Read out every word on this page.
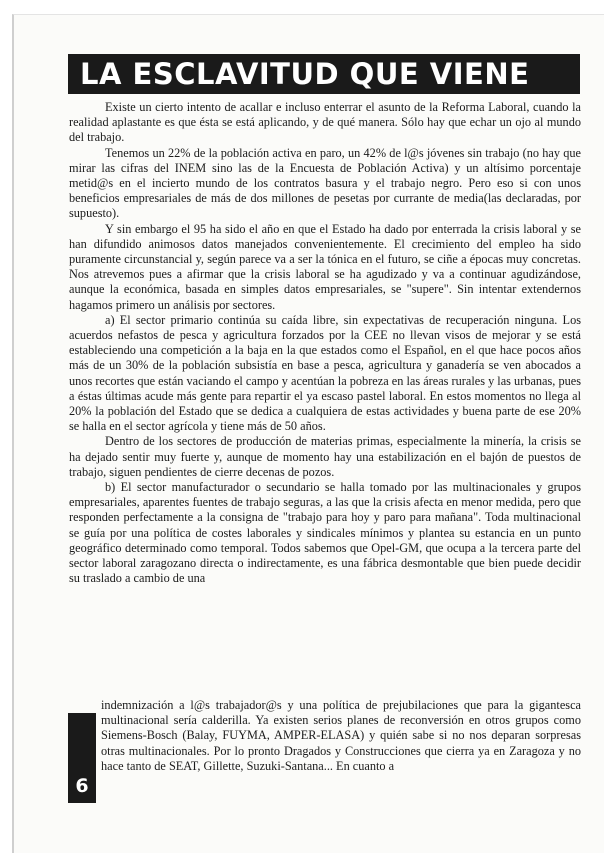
LA ESCLAVITUD QUE VIENE

Existe un cierto intento de acallar e incluso enterrar el asunto de la Reforma Laboral, cuando la realidad aplastante es que ésta se está aplicando, y de qué manera. Sólo hay que echar un ojo al mundo del trabajo.

Tenemos un 22% de la población activa en paro, un 42% de l@s jóvenes sin trabajo (no hay que mirar las cifras del INEM sino las de la Encuesta de Población Activa) y un altísimo porcentaje metid@s en el incierto mundo de los contratos basura y el trabajo negro. Pero eso si con unos beneficios empresariales de más de dos millones de pesetas por currante de media(las declaradas, por supuesto).

Y sin embargo el 95 ha sido el año en que el Estado ha dado por enterrada la crisis laboral y se han difundido animosos datos manejados convenientemente. El crecimiento del empleo ha sido puramente circunstancial y, según parece va a ser la tónica en el futuro, se ciñe a épocas muy concretas. Nos atrevemos pues a afirmar que la crisis laboral se ha agudizado y va a continuar agudizándose, aunque la económica, basada en simples datos empresariales, se "supere". Sin intentar extendernos hagamos primero un análisis por sectores.

a) El sector primario continúa su caída libre, sin expectativas de recuperación ninguna. Los acuerdos nefastos de pesca y agricultura forzados por la CEE no llevan visos de mejorar y se está estableciendo una competición a la baja en la que estados como el Español, en el que hace pocos años más de un 30% de la población subsistía en base a pesca, agricultura y ganadería se ven abocados a unos recortes que están vaciando el campo y acentúan la pobreza en las áreas rurales y las urbanas, pues a éstas últimas acude más gente para repartir el ya escaso pastel laboral. En estos momentos no llega al 20% la población del Estado que se dedica a cualquiera de estas actividades y buena parte de ese 20% se halla en el sector agrícola y tiene más de 50 años.

Dentro de los sectores de producción de materias primas, especialmente la minería, la crisis se ha dejado sentir muy fuerte y, aunque de momento hay una estabilización en el bajón de puestos de trabajo, siguen pendientes de cierre decenas de pozos.

b) El sector manufacturador o secundario se halla tomado por las multinacionales y grupos empresariales, aparentes fuentes de trabajo seguras, a las que la crisis afecta en menor medida, pero que responden perfectamente a la consigna de "trabajo para hoy y paro para mañana". Toda multinacional se guía por una política de costes laborales y sindicales mínimos y plantea su estancia en un punto geográfico determinado como temporal. Todos sabemos que Opel-GM, que ocupa a la tercera parte del sector laboral zaragozano directa o indirectamente, es una fábrica desmontable que bien puede decidir su traslado a cambio de una

indemnización a l@s trabajador@s y una política de prejubilaciones que para la gigantesca multinacional sería calderilla. Ya existen serios planes de reconversión en otros grupos como Siemens-Bosch (Balay, FUYMA, AMPER-ELASA) y quién sabe si no nos deparan sorpresas otras multinacionales. Por lo pronto Dragados y Construcciones que cierra ya en Zaragoza y no hace tanto de SEAT, Gillette, Suzuki-Santana... En cuanto a

6
